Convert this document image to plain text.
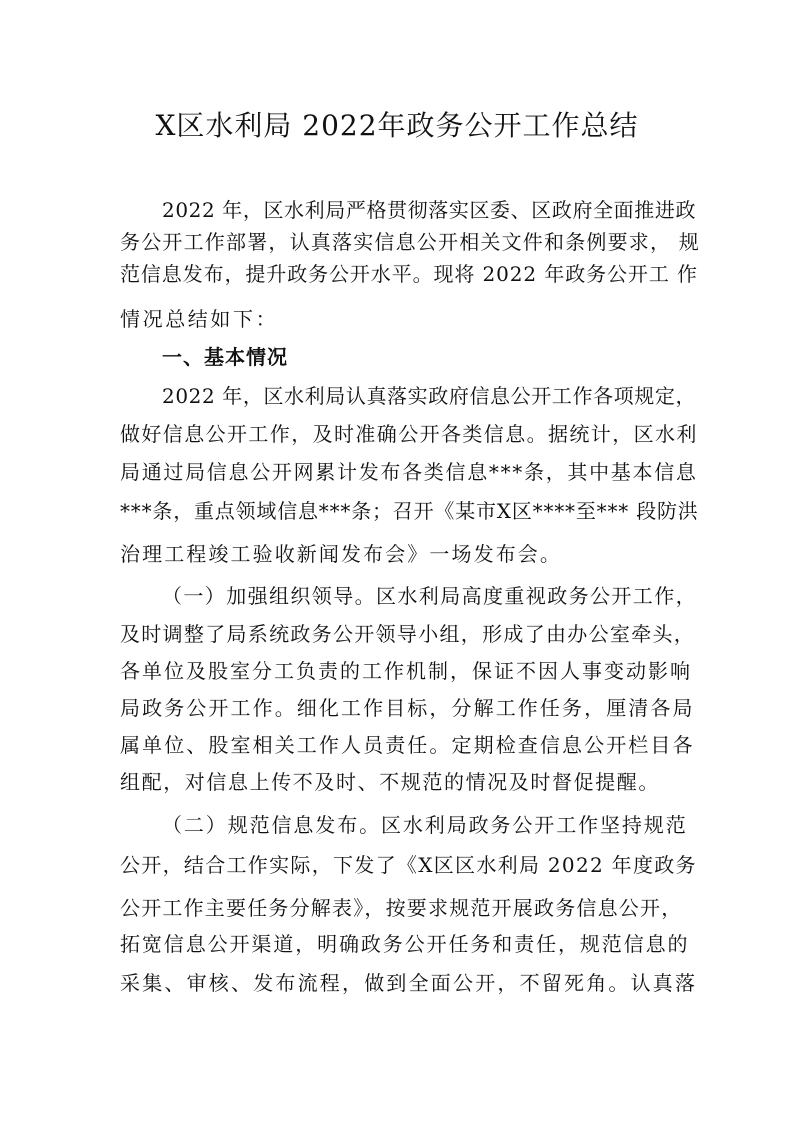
X区水利局 2022年政务公开工作总结
2022 年，区水利局严格贯彻落实区委、区政府全面推进政
务公开工作部署，认真落实信息公开相关文件和条例要求， 规
范信息发布，提升政务公开水平。现将 2022 年政务公开工 作
情况总结如下：
一、基本情况
2022 年，区水利局认真落实政府信息公开工作各项规定，
做好信息公开工作，及时准确公开各类信息。据统计，区水利
局通过局信息公开网累计发布各类信息***条，其中基本信息
***条，重点领域信息***条；召开《某市X区****至*** 段防洪
治理工程竣工验收新闻发布会》一场发布会。
（一）加强组织领导。区水利局高度重视政务公开工作，
及时调整了局系统政务公开领导小组，形成了由办公室牵头，
各单位及股室分工负责的工作机制，保证不因人事变动影响
局政务公开工作。细化工作目标，分解工作任务，厘清各局
属单位、股室相关工作人员责任。定期检查信息公开栏目各
组配，对信息上传不及时、不规范的情况及时督促提醒。
（二）规范信息发布。区水利局政务公开工作坚持规范
公开，结合工作实际，下发了《X区区水利局 2022 年度政务
公开工作主要任务分解表》，按要求规范开展政务信息公开，
拓宽信息公开渠道，明确政务公开任务和责任，规范信息的
采集、审核、发布流程，做到全面公开，不留死角。认真落
